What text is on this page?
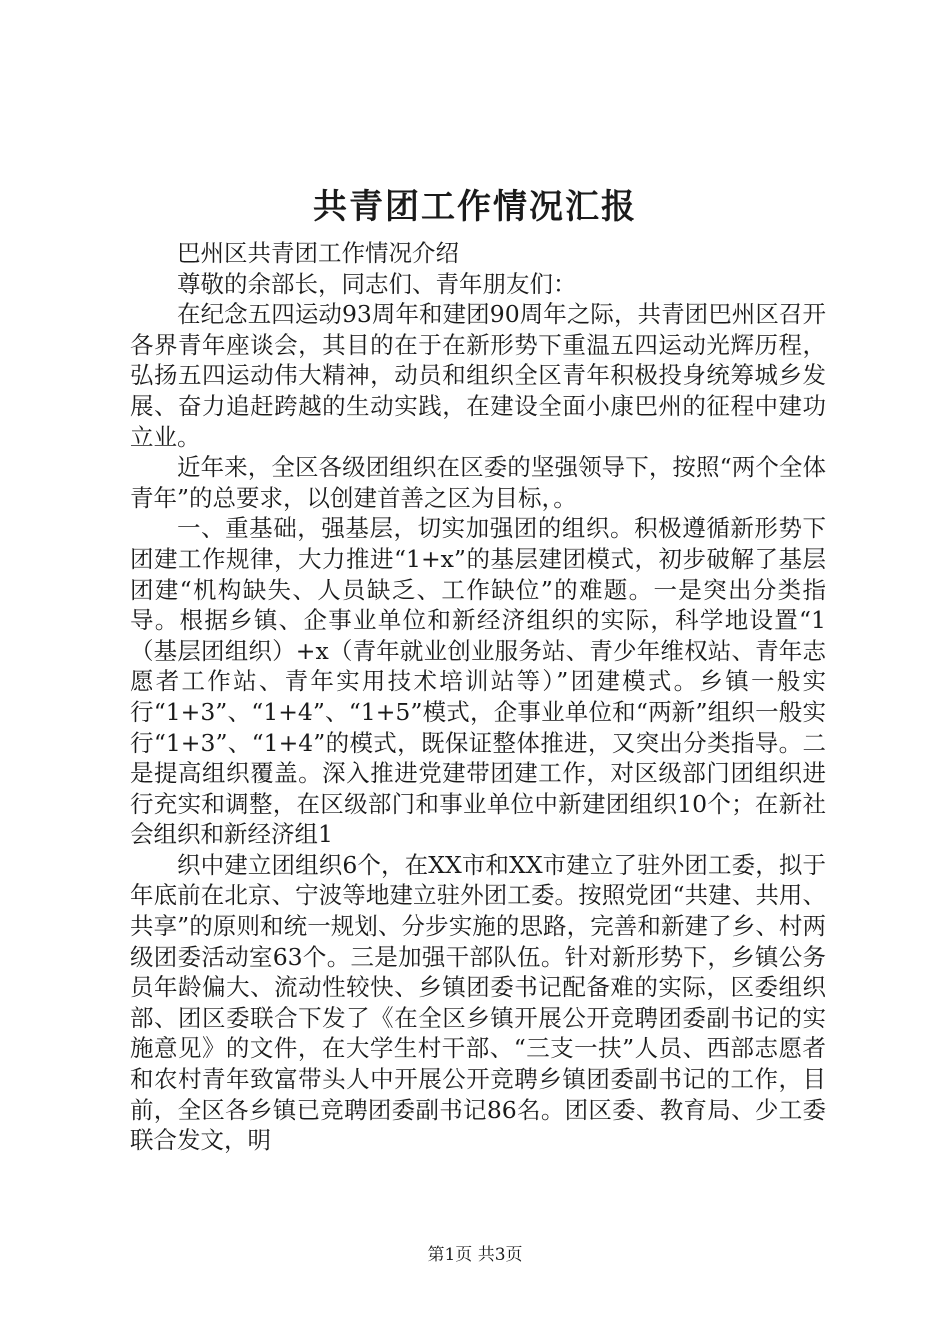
共青团工作情况汇报

巴州区共青团工作情况介绍

尊敬的余部长，同志们、青年朋友们：

在纪念五四运动93周年和建团90周年之际，共青团巴州区召开各界青年座谈会，其目的在于在新形势下重温五四运动光辉历程，弘扬五四运动伟大精神，动员和组织全区青年积极投身统筹城乡发展、奋力追赶跨越的生动实践，在建设全面小康巴州的征程中建功立业。

近年来，全区各级团组织在区委的坚强领导下，按照“两个全体青年”的总要求，以创建首善之区为目标，。

一、重基础，强基层，切实加强团的组织。积极遵循新形势下团建工作规律，大力推进“1+x”的基层建团模式，初步破解了基层团建“机构缺失、人员缺乏、工作缺位”的难题。一是突出分类指导。根据乡镇、企事业单位和新经济组织的实际，科学地设置“1（基层团组织）+x（青年就业创业服务站、青少年维权站、青年志愿者工作站、青年实用技术培训站等）”团建模式。乡镇一般实行“1+3”、“1+4”、“1+5”模式，企事业单位和“两新”组织一般实行“1+3”、“1+4”的模式，既保证整体推进，又突出分类指导。二是提高组织覆盖。深入推进党建带团建工作，对区级部门团组织进行充实和调整，在区级部门和事业单位中新建团组织10个；在新社会组织和新经济组1

织中建立团组织6个，在XX市和XX市建立了驻外团工委，拟于年底前在北京、宁波等地建立驻外团工委。按照党团“共建、共用、共享”的原则和统一规划、分步实施的思路，完善和新建了乡、村两级团委活动室63个。三是加强干部队伍。针对新形势下，乡镇公务员年龄偏大、流动性较快、乡镇团委书记配备难的实际，区委组织部、团区委联合下发了《在全区乡镇开展公开竞聘团委副书记的实施意见》的文件，在大学生村干部、“三支一扶”人员、西部志愿者和农村青年致富带头人中开展公开竞聘乡镇团委副书记的工作，目前，全区各乡镇已竞聘团委副书记86名。团区委、教育局、少工委联合发文，明

第1页 共3页
